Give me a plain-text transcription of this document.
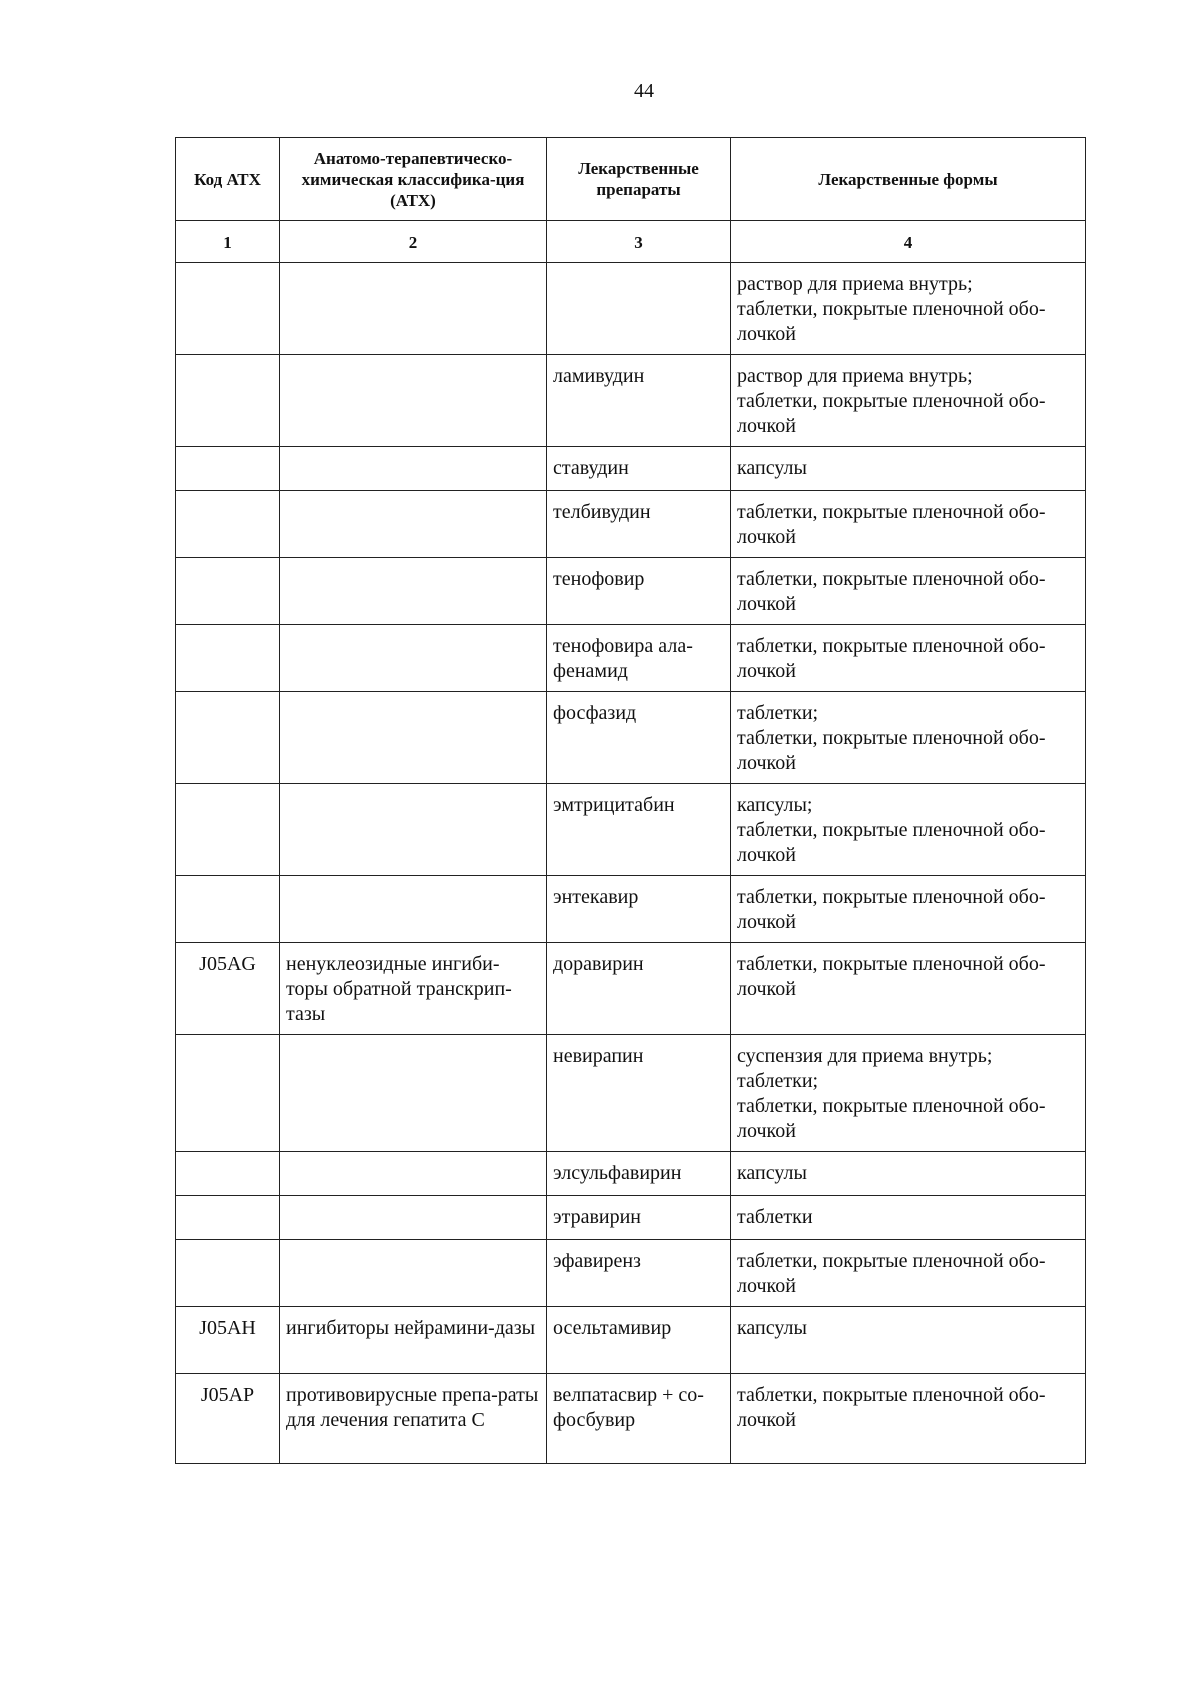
44
Код АТХ	Анатомо-терапевтическо-химическая классифика-ция (АТХ)	Лекарственные препараты	Лекарственные формы
1	2	3	4
			раствор для приема внутрь;
таблетки, покрытые пленочной обо-лочкой
		ламивудин	раствор для приема внутрь;
таблетки, покрытые пленочной обо-лочкой
		ставудин	капсулы
		телбивудин	таблетки, покрытые пленочной обо-лочкой
		тенофовир	таблетки, покрытые пленочной обо-лочкой
		тенофовира ала-фенамид	таблетки, покрытые пленочной обо-лочкой
		фосфазид	таблетки;
таблетки, покрытые пленочной обо-лочкой
		эмтрицитабин	капсулы;
таблетки, покрытые пленочной обо-лочкой
		энтекавир	таблетки, покрытые пленочной обо-лочкой
J05AG	ненуклеозидные ингиби-торы обратной транскрип-тазы	доравирин	таблетки, покрытые пленочной обо-лочкой
		невирапин	суспензия для приема внутрь;
таблетки;
таблетки, покрытые пленочной обо-лочкой
		элсульфавирин	капсулы
		этравирин	таблетки
		эфавиренз	таблетки, покрытые пленочной обо-лочкой
J05AH	ингибиторы нейрамини-дазы	осельтамивир	капсулы
J05AP	противовирусные препа-раты для лечения гепатита С	велпатасвир + со-фосбувир	таблетки, покрытые пленочной обо-лочкой
